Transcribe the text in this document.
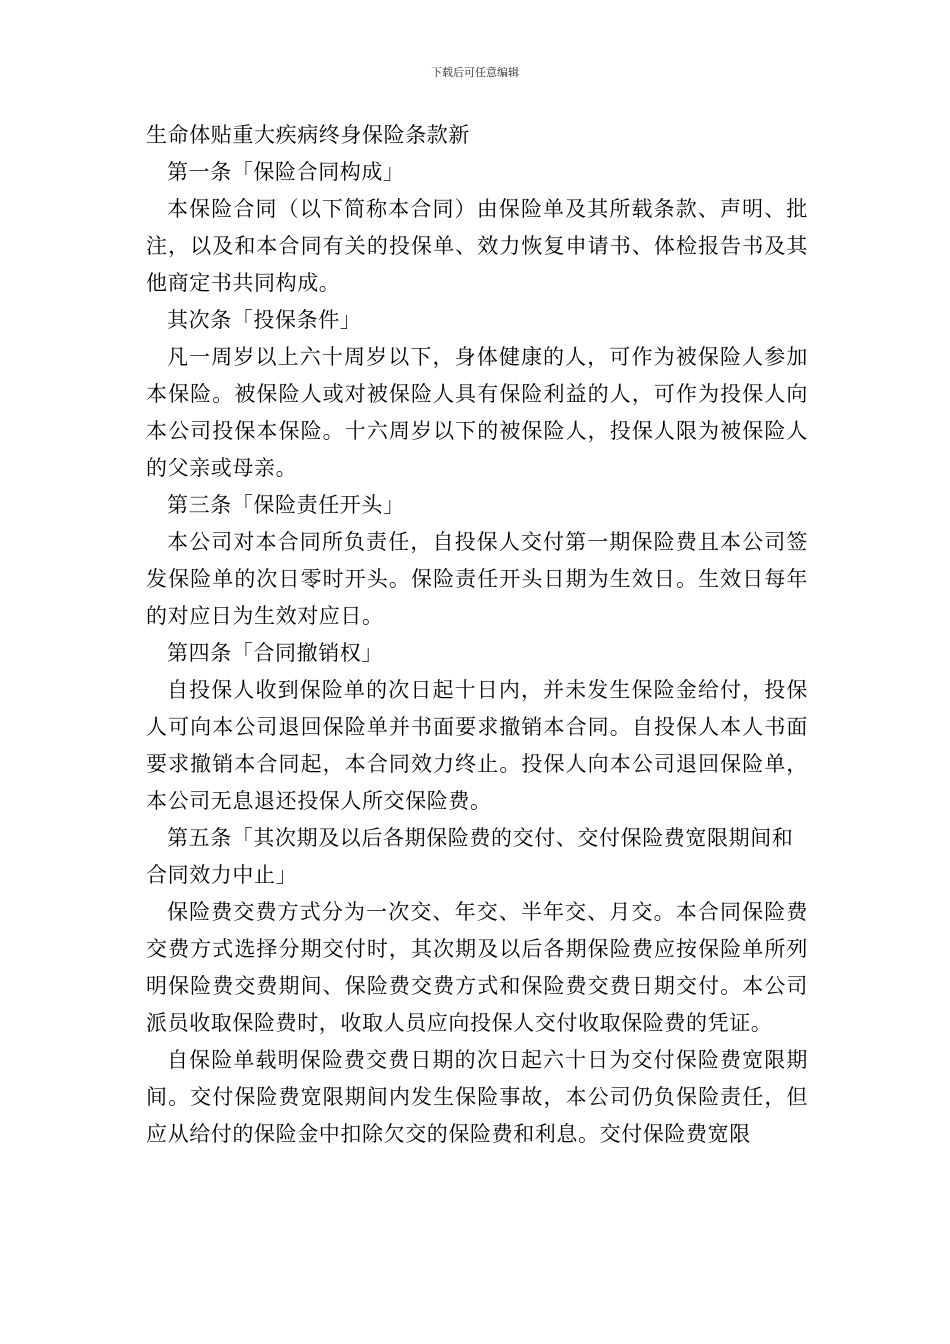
下载后可任意编辑

生命体贴重大疾病终身保险条款新

第一条「保险合同构成」

本保险合同（以下简称本合同）由保险单及其所载条款、声明、批注，以及和本合同有关的投保单、效力恢复申请书、体检报告书及其他商定书共同构成。

其次条「投保条件」

凡一周岁以上六十周岁以下，身体健康的人，可作为被保险人参加本保险。被保险人或对被保险人具有保险利益的人，可作为投保人向本公司投保本保险。十六周岁以下的被保险人，投保人限为被保险人的父亲或母亲。

第三条「保险责任开头」

本公司对本合同所负责任，自投保人交付第一期保险费且本公司签发保险单的次日零时开头。保险责任开头日期为生效日。生效日每年的对应日为生效对应日。

第四条「合同撤销权」

自投保人收到保险单的次日起十日内，并未发生保险金给付，投保人可向本公司退回保险单并书面要求撤销本合同。自投保人本人书面要求撤销本合同起，本合同效力终止。投保人向本公司退回保险单，本公司无息退还投保人所交保险费。

第五条「其次期及以后各期保险费的交付、交付保险费宽限期间和合同效力中止」

保险费交费方式分为一次交、年交、半年交、月交。本合同保险费交费方式选择分期交付时，其次期及以后各期保险费应按保险单所列明保险费交费期间、保险费交费方式和保险费交费日期交付。本公司派员收取保险费时，收取人员应向投保人交付收取保险费的凭证。

自保险单载明保险费交费日期的次日起六十日为交付保险费宽限期间。交付保险费宽限期间内发生保险事故，本公司仍负保险责任，但应从给付的保险金中扣除欠交的保险费和利息。交付保险费宽限
